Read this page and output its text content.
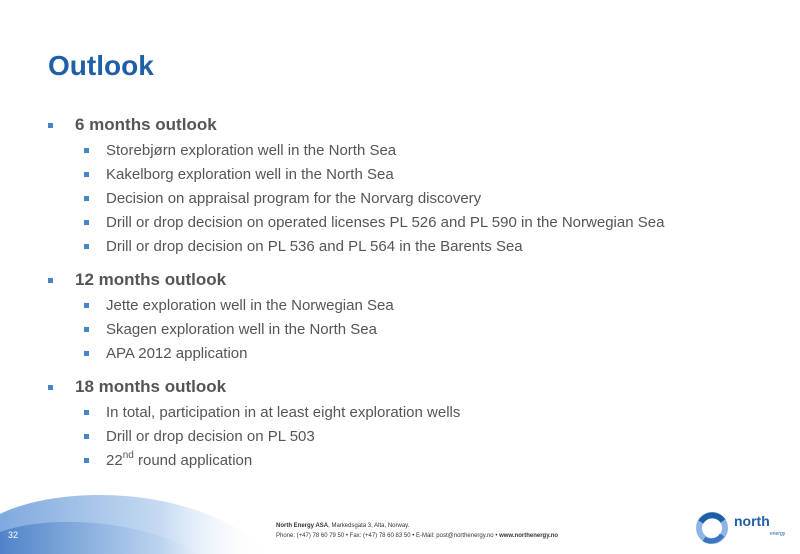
Outlook
6 months outlook
Storebjørn exploration well in the North Sea
Kakelborg exploration well in the North Sea
Decision on appraisal program for the Norvarg discovery
Drill or drop decision on operated licenses PL 526 and PL 590 in the Norwegian Sea
Drill or drop decision on PL 536 and PL 564 in the Barents Sea
12 months outlook
Jette exploration well in the Norwegian Sea
Skagen exploration well in the North Sea
APA 2012 application
18 months outlook
In total, participation in at least eight exploration wells
Drill or drop decision on PL 503
22nd round application
32
North Energy ASA, Markedsgata 3, Alta, Norway.
Phone: (+47) 78 60 79 50 • Fax: (+47) 78 60 83 50 • E-Mail: post@northenergy.no • www.northenergy.no
north
energy
